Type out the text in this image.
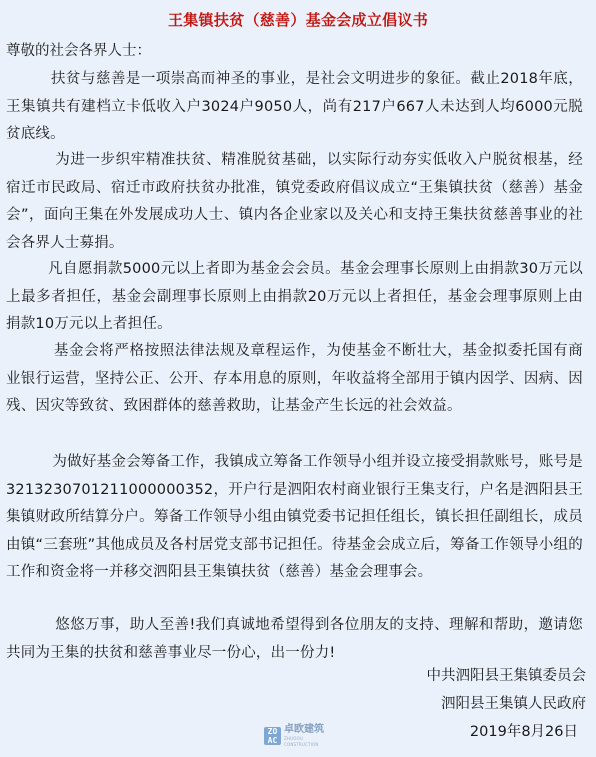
王集镇扶贫（慈善）基金会成立倡议书
尊敬的社会各界人士：
扶贫与慈善是一项崇高而神圣的事业，是社会文明进步的象征。截止2018年底，王集镇共有建档立卡低收入户3024户9050人，尚有217户667人未达到人均6000元脱贫底线。
为进一步织牢精准扶贫、精准脱贫基础，以实际行动夯实低收入户脱贫根基，经宿迁市民政局、宿迁市政府扶贫办批准，镇党委政府倡议成立“王集镇扶贫（慈善）基金会”，面向王集在外发展成功人士、镇内各企业家以及关心和支持王集扶贫慈善事业的社会各界人士募捐。
凡自愿捐款5000元以上者即为基金会会员。基金会理事长原则上由捐款30万元以上最多者担任，基金会副理事长原则上由捐款20万元以上者担任，基金会理事原则上由捐款10万元以上者担任。
基金会将严格按照法律法规及章程运作，为使基金不断壮大，基金拟委托国有商业银行运营，坚持公正、公开、存本用息的原则，年收益将全部用于镇内因学、因病、因残、因灾等致贫、致困群体的慈善救助，让基金产生长远的社会效益。
为做好基金会筹备工作，我镇成立筹备工作领导小组并设立接受捐款账号，账号是3213230701211000000352，开户行是泗阳农村商业银行王集支行，户名是泗阳县王集镇财政所结算分户。筹备工作领导小组由镇党委书记担任组长，镇长担任副组长，成员由镇“三套班”其他成员及各村居党支部书记担任。待基金会成立后，筹备工作领导小组的工作和资金将一并移交泗阳县王集镇扶贫（慈善）基金会理事会。
悠悠万事，助人至善!我们真诚地希望得到各位朋友的支持、理解和帮助，邀请您共同为王集的扶贫和慈善事业尽一份心，出一份力!
中共泗阳县王集镇委员会
泗阳县王集镇人民政府
2019年8月26日
ZO
AC
卓欧建筑
ZHUOOU CONSTRUCTION
